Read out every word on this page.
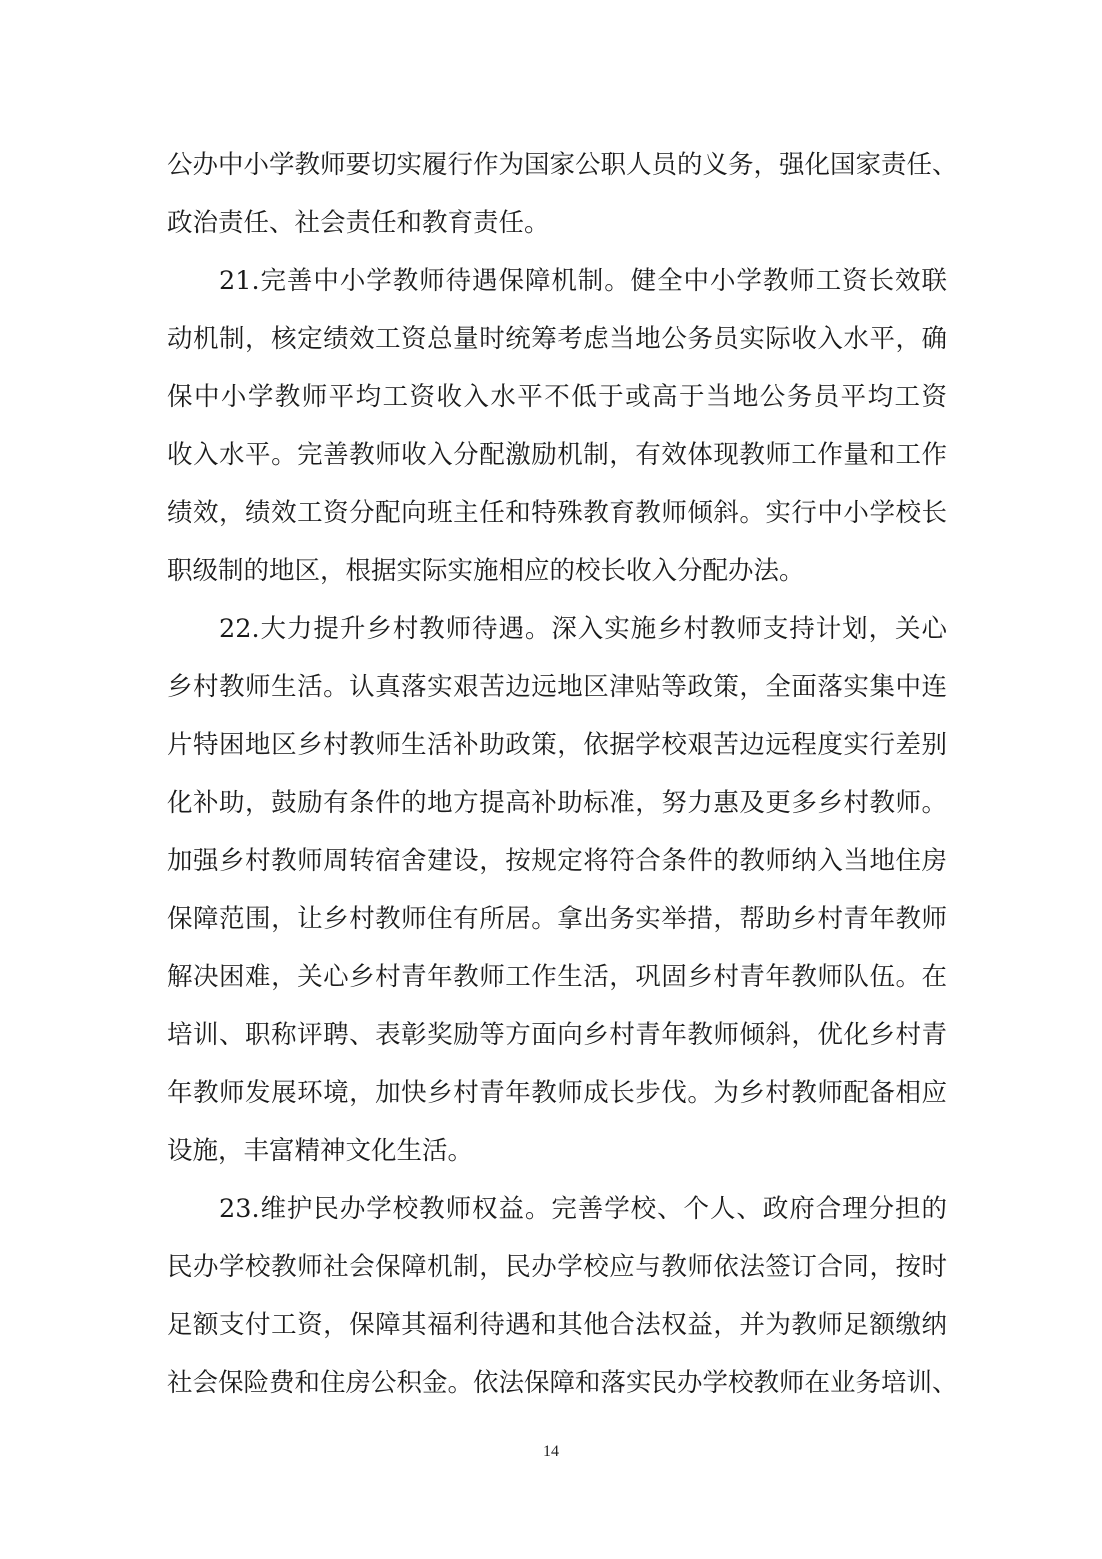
公办中小学教师要切实履行作为国家公职人员的义务，强化国家责任、
政治责任、社会责任和教育责任。
21.完善中小学教师待遇保障机制。健全中小学教师工资长效联
动机制，核定绩效工资总量时统筹考虑当地公务员实际收入水平，确
保中小学教师平均工资收入水平不低于或高于当地公务员平均工资
收入水平。完善教师收入分配激励机制，有效体现教师工作量和工作
绩效，绩效工资分配向班主任和特殊教育教师倾斜。实行中小学校长
职级制的地区，根据实际实施相应的校长收入分配办法。
22.大力提升乡村教师待遇。深入实施乡村教师支持计划，关心
乡村教师生活。认真落实艰苦边远地区津贴等政策，全面落实集中连
片特困地区乡村教师生活补助政策，依据学校艰苦边远程度实行差别
化补助，鼓励有条件的地方提高补助标准，努力惠及更多乡村教师。
加强乡村教师周转宿舍建设，按规定将符合条件的教师纳入当地住房
保障范围，让乡村教师住有所居。拿出务实举措，帮助乡村青年教师
解决困难，关心乡村青年教师工作生活，巩固乡村青年教师队伍。在
培训、职称评聘、表彰奖励等方面向乡村青年教师倾斜，优化乡村青
年教师发展环境，加快乡村青年教师成长步伐。为乡村教师配备相应
设施，丰富精神文化生活。
23.维护民办学校教师权益。完善学校、个人、政府合理分担的
民办学校教师社会保障机制，民办学校应与教师依法签订合同，按时
足额支付工资，保障其福利待遇和其他合法权益，并为教师足额缴纳
社会保险费和住房公积金。依法保障和落实民办学校教师在业务培训、
14
